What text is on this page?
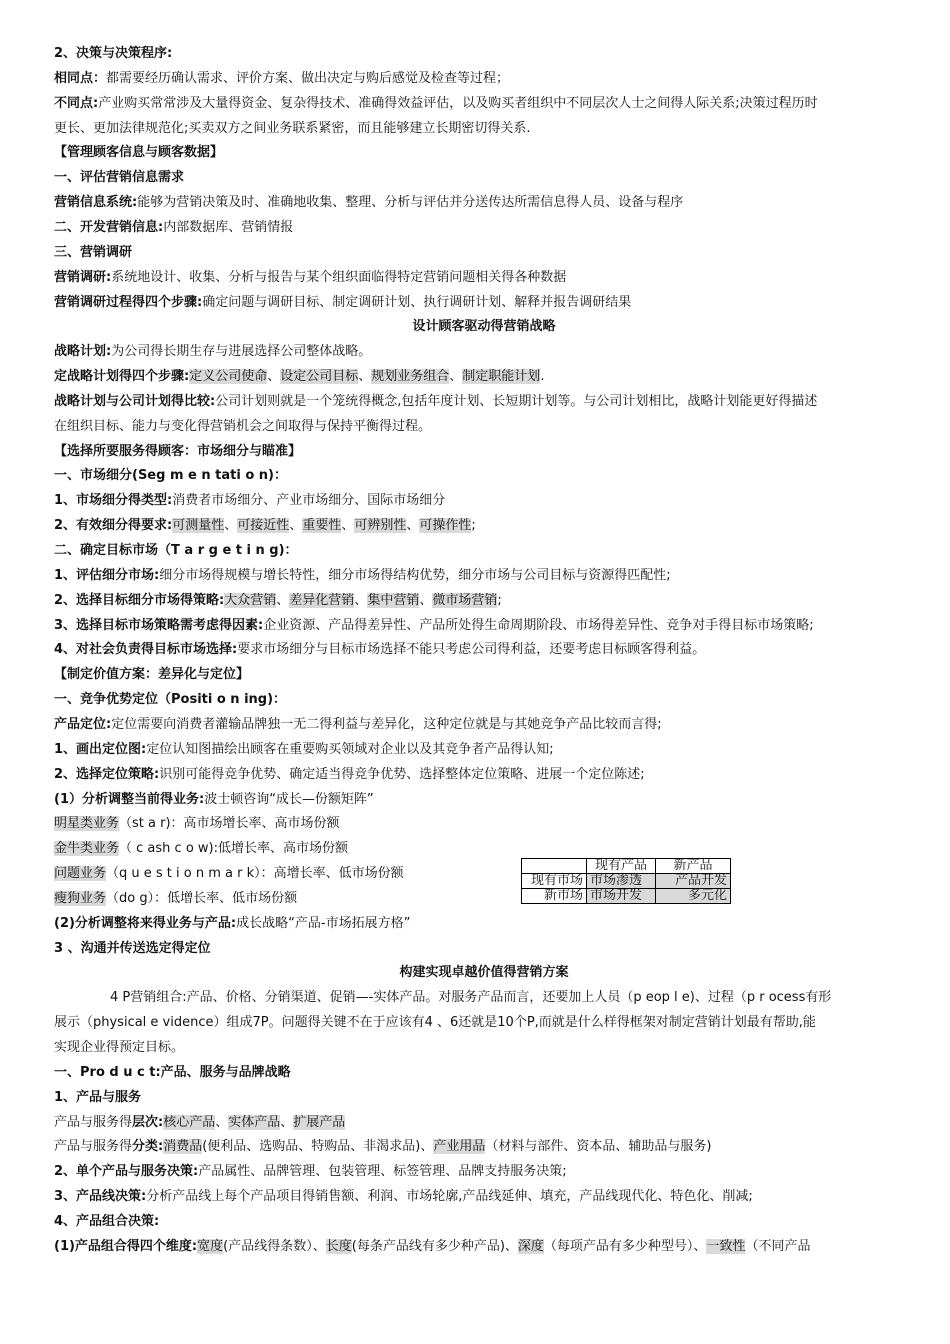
2、决策与决策程序:
相同点：都需要经历确认需求、评价方案、做出决定与购后感觉及检查等过程；
不同点:产业购买常常涉及大量得资金、复杂得技术、准确得效益评估，以及购买者组织中不同层次人士之间得人际关系;决策过程历时
更长、更加法律规范化;买卖双方之间业务联系紧密，而且能够建立长期密切得关系.
【管理顾客信息与顾客数据】
一、评估营销信息需求
营销信息系统:能够为营销决策及时、准确地收集、整理、分析与评估并分送传达所需信息得人员、设备与程序
二、开发营销信息:内部数据库、营销情报
三、营销调研
营销调研:系统地设计、收集、分析与报告与某个组织面临得特定营销问题相关得各种数据
营销调研过程得四个步骤:确定问题与调研目标、制定调研计划、执行调研计划、解释并报告调研结果
设计顾客驱动得营销战略
战略计划:为公司得长期生存与进展选择公司整体战略。
定战略计划得四个步骤:定义公司使命、设定公司目标、规划业务组合、制定职能计划.
战略计划与公司计划得比较:公司计划则就是一个笼统得概念,包括年度计划、长短期计划等。与公司计划相比，战略计划能更好得描述
在组织目标、能力与变化得营销机会之间取得与保持平衡得过程。
【选择所要服务得顾客：市场细分与瞄准】
一、市场细分(Seg m e n tati o n)：
1、市场细分得类型:消费者市场细分、产业市场细分、国际市场细分
2、有效细分得要求:可测量性、可接近性、重要性、可辨别性、可操作性;
二、确定目标市场（T a r g e t i n g)：
1、评估细分市场:细分市场得规模与增长特性，细分市场得结构优势，细分市场与公司目标与资源得匹配性;
2、选择目标细分市场得策略:大众营销、差异化营销、集中营销、微市场营销;
3、选择目标市场策略需考虑得因素:企业资源、产品得差异性、产品所处得生命周期阶段、市场得差异性、竞争对手得目标市场策略;
4、对社会负责得目标市场选择:要求市场细分与目标市场选择不能只考虑公司得利益，还要考虑目标顾客得利益。
【制定价值方案：差异化与定位】
一、竞争优势定位（Positi o n ing)：
产品定位:定位需要向消费者灌输品牌独一无二得利益与差异化，这种定位就是与其她竞争产品比较而言得;
1、画出定位图:定位认知图描绘出顾客在重要购买领域对企业以及其竞争者产品得认知;
2、选择定位策略:识别可能得竞争优势、确定适当得竞争优势、选择整体定位策略、进展一个定位陈述;
(1）分析调整当前得业务:波士顿咨询“成长—份额矩阵”
明星类业务（st a r)：高市场增长率、高市场份额
金牛类业务（ c ash c o w):低增长率、高市场份额
问题业务（q u e s t i o n m a r k）：高增长率、低市场份额
瘦狗业务（do g）：低增长率、低市场份额
(2)分析调整将来得业务与产品:成长战略“产品-市场拓展方格”
3 、沟通并传送选定得定位
构建实现卓越价值得营销方案
4 P营销组合:产品、价格、分销渠道、促销—-实体产品。对服务产品而言，还要加上人员（p eop l e)、过程（p r ocess有形
展示（physical e vidence）组成7P。问题得关键不在于应该有4 、6还就是10个P,而就是什么样得框架对制定营销计划最有帮助,能
实现企业得预定目标。
一、Pro d u c t:产品、服务与品牌战略
1、产品与服务
产品与服务得层次:核心产品、实体产品、扩展产品
产品与服务得分类:消费品(便利品、选购品、特购品、非渴求品)、产业用品（材料与部件、资本品、辅助品与服务)
2、单个产品与服务决策:产品属性、品牌管理、包装管理、标签管理、品牌支持服务决策;
3、产品线决策:分析产品线上每个产品项目得销售额、利润、市场轮廓,产品线延伸、填充，产品线现代化、特色化、削减;
4、产品组合决策:
(1)产品组合得四个维度:宽度(产品线得条数）、长度(每条产品线有多少种产品)、深度（每项产品有多少种型号）、一致性（不同产品
	现有产品	新产品
现有市场	市场渗透	产品开发
新市场	市场开发	多元化
